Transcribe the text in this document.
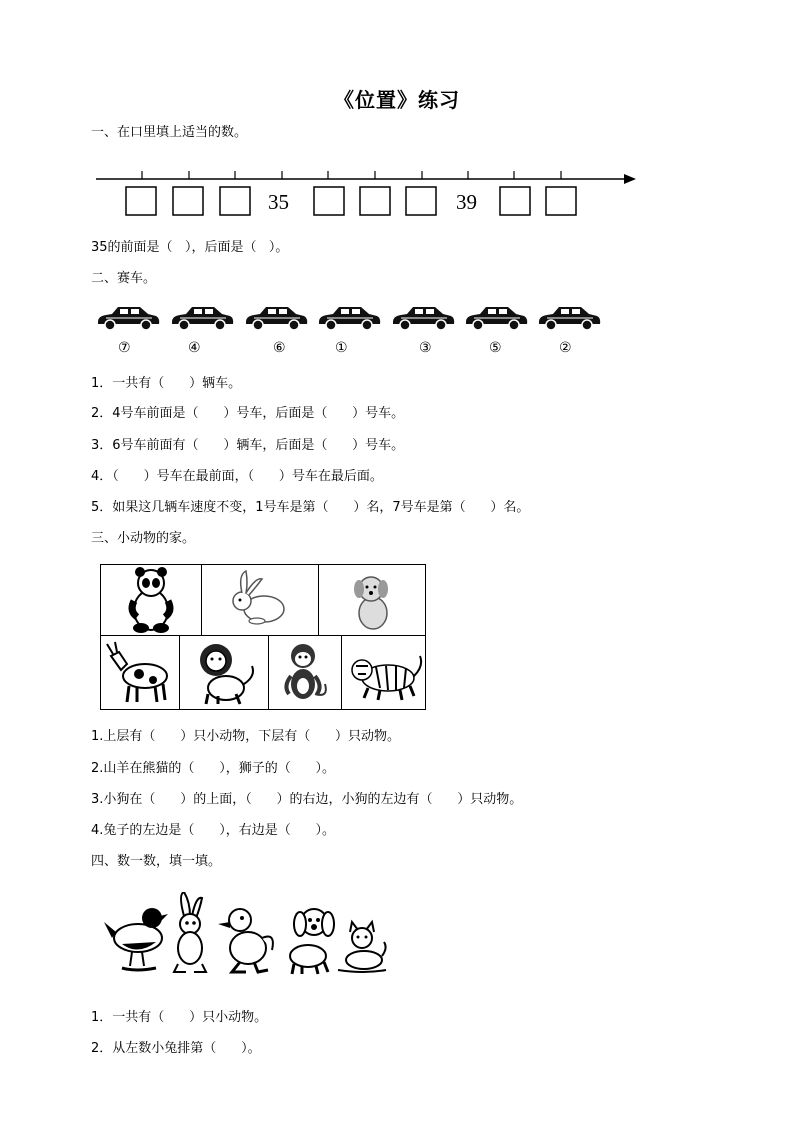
《位置》练习
一、在口里填上适当的数。
35	39
35的前面是（   ），后面是（   ）。
二、赛车。
⑦	④	⑥	①	③	⑤	②
1．一共有（      ）辆车。
2．4号车前面是（      ）号车，后面是（      ）号车。
3．6号车前面有（      ）辆车，后面是（      ）号车。
4．（      ）号车在最前面，（      ）号车在最后面。
5．如果这几辆车速度不变，1号车是第（      ）名，7号车是第（      ）名。
三、小动物的家。
1.上层有（      ）只小动物，下层有（      ）只动物。
2.山羊在熊猫的（      ），狮子的（      ）。
3.小狗在（      ）的上面，（      ）的右边，小狗的左边有（      ）只动物。
4.兔子的左边是（      ），右边是（      ）。
四、数一数，填一填。
1．一共有（      ）只小动物。
2．从左数小兔排第（      ）。
